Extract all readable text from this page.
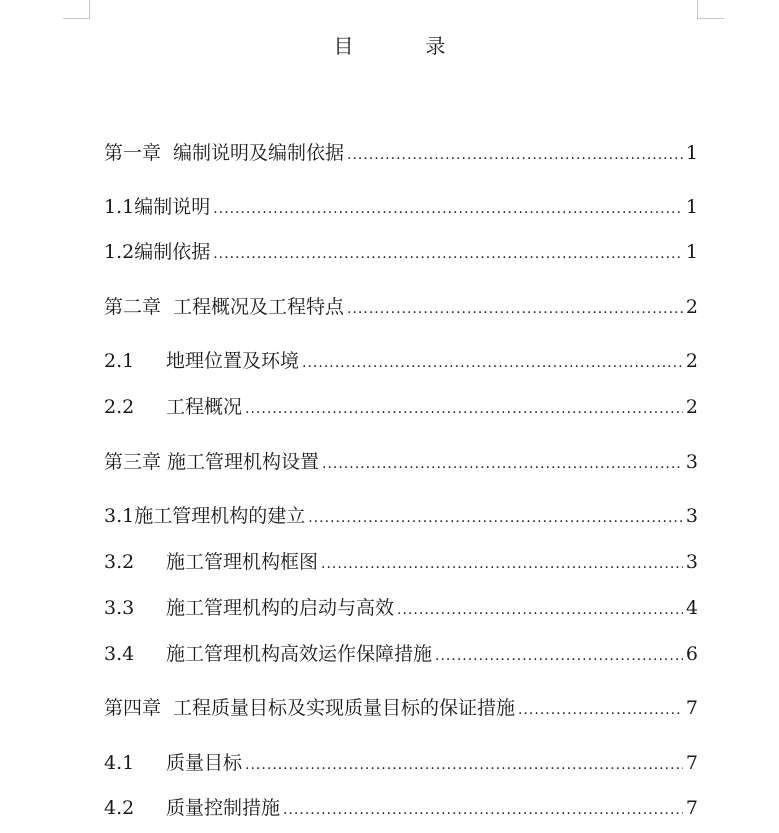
目　录
第一章 编制说明及编制依据 .....	1
1.1 编制说明 .....	1
1.2 编制依据 .....	1
第二章 工程概况及工程特点 .....	2
2.1	地理位置及环境 .....	2
2.2	工程概况 .....	2
第三章 施工管理机构设置 .....	3
3.1 施工管理机构的建立 .....	3
3.2	施工管理机构框图 .....	3
3.3	施工管理机构的启动与高效 .....	4
3.4	施工管理机构高效运作保障措施 .....	6
第四章 工程质量目标及实现质量目标的保证措施 .....	7
4.1	质量目标 .....	7
4.2	质量控制措施 .....	7
